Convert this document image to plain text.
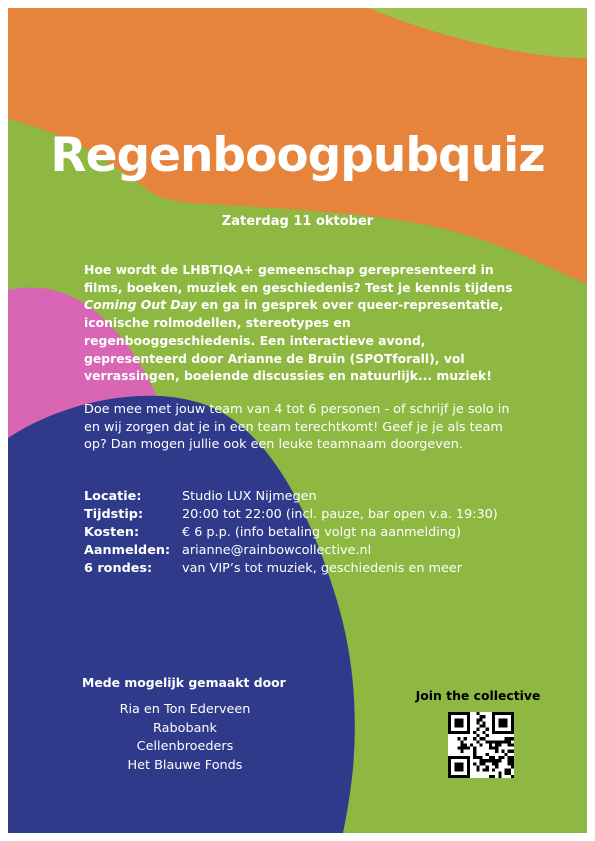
Regenboogpubquiz
Zaterdag 11 oktober

Hoe wordt de LHBTIQA+ gemeenschap gerepresenteerd in films, boeken, muziek en geschiedenis? Test je kennis tijdens Coming Out Day en ga in gesprek over queer-representatie, iconische rolmodellen, stereotypes en regenbooggeschiedenis. Een interactieve avond, gepresenteerd door Arianne de Bruin (SPOTforall), vol verrassingen, boeiende discussies en natuurlijk... muziek!

Doe mee met jouw team van 4 tot 6 personen - of schrijf je solo in en wij zorgen dat je in een team terechtkomt! Geef je je als team op? Dan mogen jullie ook een leuke teamnaam doorgeven.

Locatie:	Studio LUX Nijmegen
Tijdstip:	20:00 tot 22:00 (incl. pauze, bar open v.a. 19:30)
Kosten:	€ 6 p.p. (info betaling volgt na aanmelding)
Aanmelden: arianne@rainbowcollective.nl
6 rondes:	van VIP’s tot muziek, geschiedenis en meer
Mede mogelijk gemaakt door
Ria en Ton Ederveen
Rabobank
Cellenbroeders
Het Blauwe Fonds
Join the collective
